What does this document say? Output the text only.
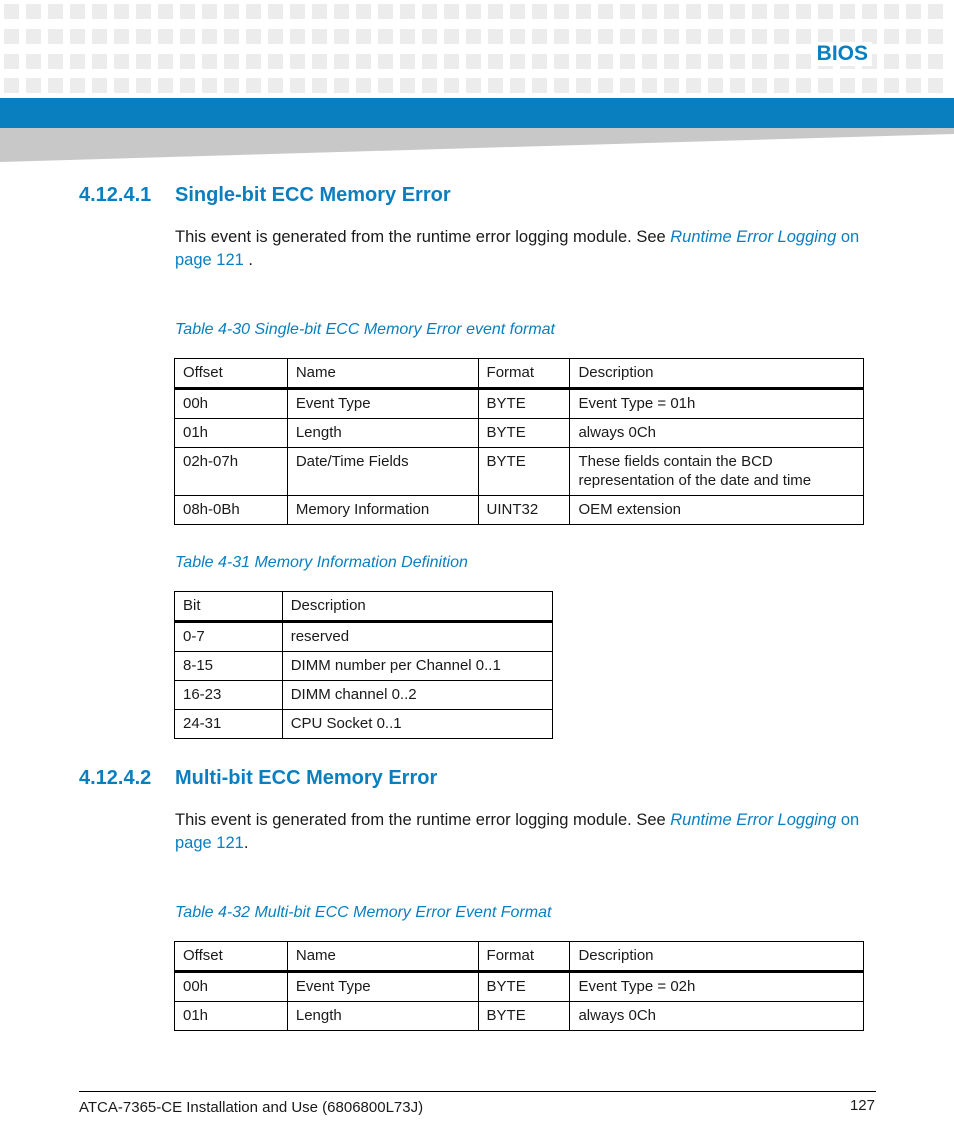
BIOS
4.12.4.1 Single-bit ECC Memory Error
This event is generated from the runtime error logging module. See Runtime Error Logging on page 121 .
Table 4-30 Single-bit ECC Memory Error event format
Offset	Name	Format	Description
00h	Event Type	BYTE	Event Type = 01h
01h	Length	BYTE	always 0Ch
02h-07h	Date/Time Fields	BYTE	These fields contain the BCD representation of the date and time
08h-0Bh	Memory Information	UINT32	OEM extension
Table 4-31 Memory Information Definition
Bit	Description
0-7	reserved
8-15	DIMM number per Channel 0..1
16-23	DIMM channel 0..2
24-31	CPU Socket 0..1
4.12.4.2 Multi-bit ECC Memory Error
This event is generated from the runtime error logging module. See Runtime Error Logging on page 121.
Table 4-32 Multi-bit ECC Memory Error Event Format
Offset	Name	Format	Description
00h	Event Type	BYTE	Event Type = 02h
01h	Length	BYTE	always 0Ch
ATCA-7365-CE Installation and Use (6806800L73J)	127
